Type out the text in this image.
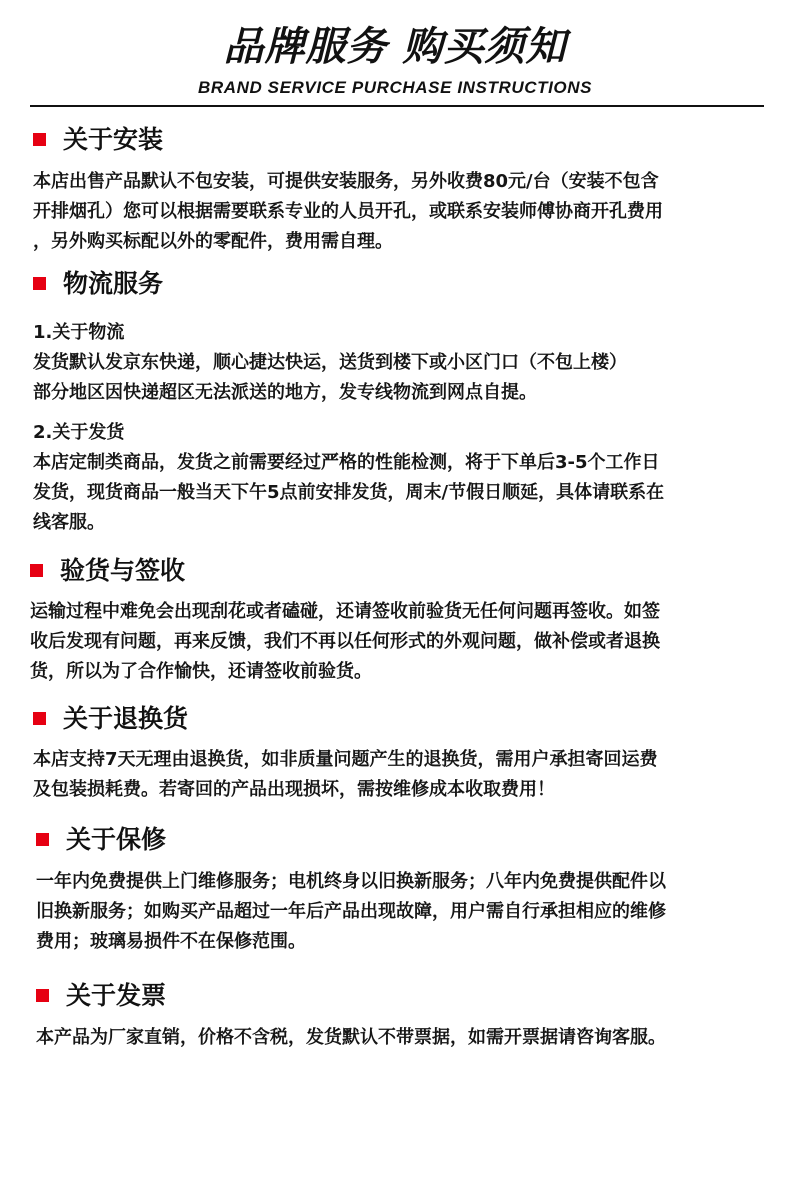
品牌服务 购买须知
BRAND SERVICE PURCHASE INSTRUCTIONS
关于安装
本店出售产品默认不包安装，可提供安装服务，另外收费80元/台（安装不包含
开排烟孔）您可以根据需要联系专业的人员开孔，或联系安装师傅协商开孔费用
，另外购买标配以外的零配件，费用需自理。
物流服务
1.关于物流
发货默认发京东快递，顺心捷达快运，送货到楼下或小区门口（不包上楼）
部分地区因快递超区无法派送的地方，发专线物流到网点自提。
2.关于发货
本店定制类商品，发货之前需要经过严格的性能检测，将于下单后3-5个工作日
发货，现货商品一般当天下午5点前安排发货，周末/节假日顺延，具体请联系在
线客服。
验货与签收
运输过程中难免会出现刮花或者磕碰，还请签收前验货无任何问题再签收。如签
收后发现有问题，再来反馈，我们不再以任何形式的外观问题，做补偿或者退换
货，所以为了合作愉快，还请签收前验货。
关于退换货
本店支持7天无理由退换货，如非质量问题产生的退换货，需用户承担寄回运费
及包装损耗费。若寄回的产品出现损坏，需按维修成本收取费用！
关于保修
一年内免费提供上门维修服务；电机终身以旧换新服务；八年内免费提供配件以
旧换新服务；如购买产品超过一年后产品出现故障，用户需自行承担相应的维修
费用；玻璃易损件不在保修范围。
关于发票
本产品为厂家直销，价格不含税，发货默认不带票据，如需开票据请咨询客服。
